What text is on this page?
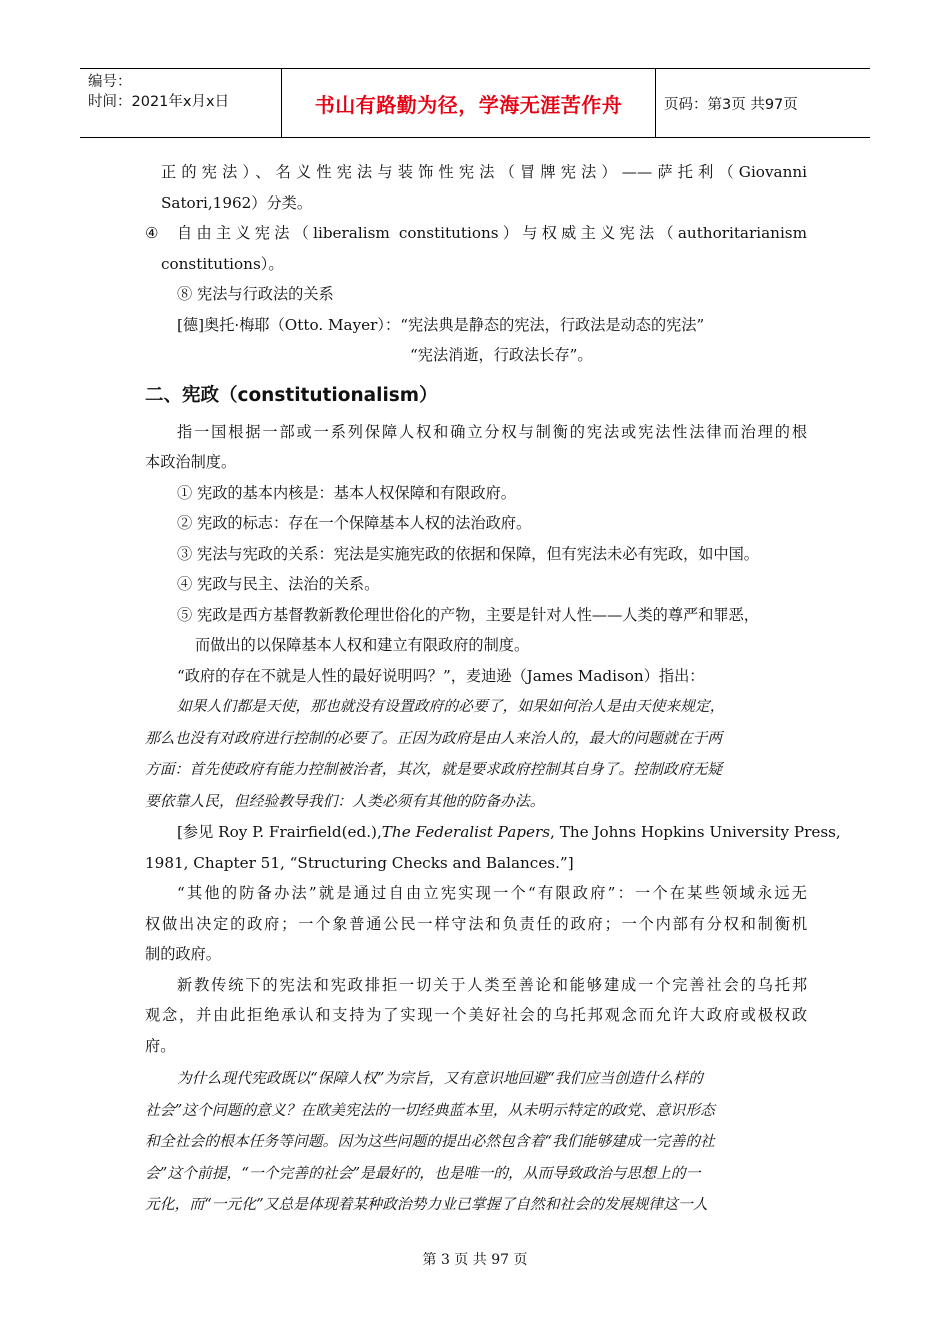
编号：
时间：2021年x月x日	书山有路勤为径，学海无涯苦作舟	页码：第3页 共97页
正的宪法）、名义性宪法与装饰性宪法（冒牌宪法）——萨托利（Giovanni
Satori,1962）分类。
④	自由主义宪法（liberalism constitutions）与权威主义宪法（authoritarianism
constitutions）。
⑧ 宪法与行政法的关系
[德]奥托·梅耶（Otto. Mayer）：“宪法典是静态的宪法，行政法是动态的宪法”
“宪法消逝，行政法长存”。
二、宪政（constitutionalism）
指一国根据一部或一系列保障人权和确立分权与制衡的宪法或宪法性法律而治理的根
本政治制度。
① 宪政的基本内核是：基本人权保障和有限政府。
② 宪政的标志：存在一个保障基本人权的法治政府。
③ 宪法与宪政的关系：宪法是实施宪政的依据和保障，但有宪法未必有宪政，如中国。
④ 宪政与民主、法治的关系。
⑤ 宪政是西方基督教新教伦理世俗化的产物，主要是针对人性——人类的尊严和罪恶，
而做出的以保障基本人权和建立有限政府的制度。
“政府的存在不就是人性的最好说明吗？”，麦迪逊（James Madison）指出：
如果人们都是天使，那也就没有设置政府的必要了，如果如何治人是由天使来规定，
那么也没有对政府进行控制的必要了。正因为政府是由人来治人的，最大的问题就在于两
方面：首先使政府有能力控制被治者，其次，就是要求政府控制其自身了。控制政府无疑
要依靠人民，但经验教导我们：人类必须有其他的防备办法。
[参见 Roy P. Frairfield(ed.),The Federalist Papers, The Johns Hopkins University Press,
1981, Chapter 51, “Structuring Checks and Balances.”]
“其他的防备办法”就是通过自由立宪实现一个“有限政府”：一个在某些领域永远无
权做出决定的政府；一个象普通公民一样守法和负责任的政府；一个内部有分权和制衡机
制的政府。
新教传统下的宪法和宪政排拒一切关于人类至善论和能够建成一个完善社会的乌托邦
观念，并由此拒绝承认和支持为了实现一个美好社会的乌托邦观念而允许大政府或极权政
府。
为什么现代宪政既以“保障人权”为宗旨，又有意识地回避“我们应当创造什么样的
社会”这个问题的意义？在欧美宪法的一切经典蓝本里，从未明示特定的政党、意识形态
和全社会的根本任务等问题。因为这些问题的提出必然包含着“我们能够建成一完善的社
会”这个前提，“一个完善的社会”是最好的，也是唯一的，从而导致政治与思想上的一
元化，而“一元化”又总是体现着某种政治势力业已掌握了自然和社会的发展规律这一人
第 3 页 共 97 页
